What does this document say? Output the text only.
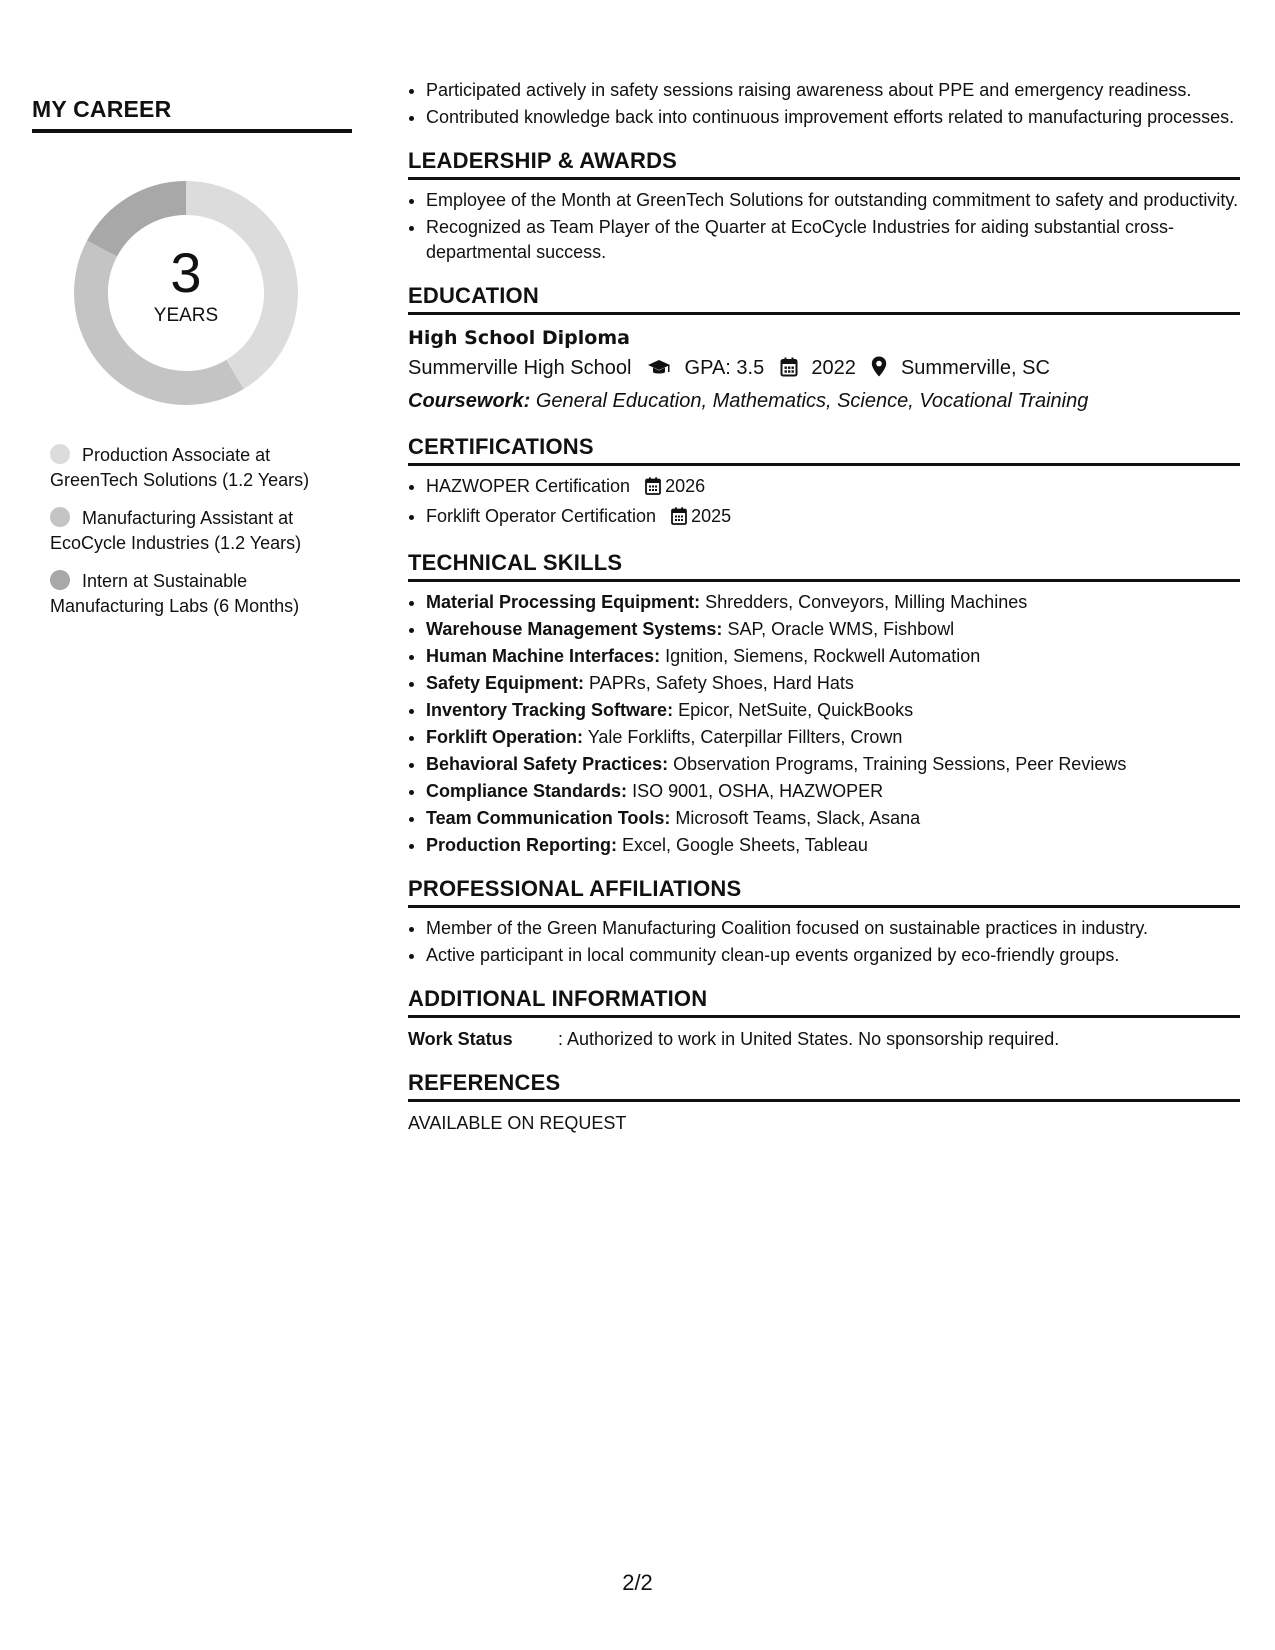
MY CAREER
3
YEARS
Production Associate at GreenTech Solutions (1.2 Years)
Manufacturing Assistant at EcoCycle Industries (1.2 Years)
Intern at Sustainable Manufacturing Labs (6 Months)
• Participated actively in safety sessions raising awareness about PPE and emergency readiness.
• Contributed knowledge back into continuous improvement efforts related to manufacturing processes.
LEADERSHIP & AWARDS
• Employee of the Month at GreenTech Solutions for outstanding commitment to safety and productivity.
• Recognized as Team Player of the Quarter at EcoCycle Industries for aiding substantial cross-departmental success.
EDUCATION
High School Diploma
Summerville High School	GPA: 3.5 2022 Summerville, SC
Coursework: General Education, Mathematics, Science, Vocational Training
CERTIFICATIONS
• HAZWOPER Certification 2026
• Forklift Operator Certification 2025
TECHNICAL SKILLS
• Material Processing Equipment: Shredders, Conveyors, Milling Machines
• Warehouse Management Systems: SAP, Oracle WMS, Fishbowl
• Human Machine Interfaces: Ignition, Siemens, Rockwell Automation
• Safety Equipment: PAPRs, Safety Shoes, Hard Hats
• Inventory Tracking Software: Epicor, NetSuite, QuickBooks
• Forklift Operation: Yale Forklifts, Caterpillar Fillters, Crown
• Behavioral Safety Practices: Observation Programs, Training Sessions, Peer Reviews
• Compliance Standards: ISO 9001, OSHA, HAZWOPER
• Team Communication Tools: Microsoft Teams, Slack, Asana
• Production Reporting: Excel, Google Sheets, Tableau
PROFESSIONAL AFFILIATIONS
• Member of the Green Manufacturing Coalition focused on sustainable practices in industry.
• Active participant in local community clean-up events organized by eco-friendly groups.
ADDITIONAL INFORMATION
Work Status	: Authorized to work in United States. No sponsorship required.
REFERENCES
AVAILABLE ON REQUEST
2/2
